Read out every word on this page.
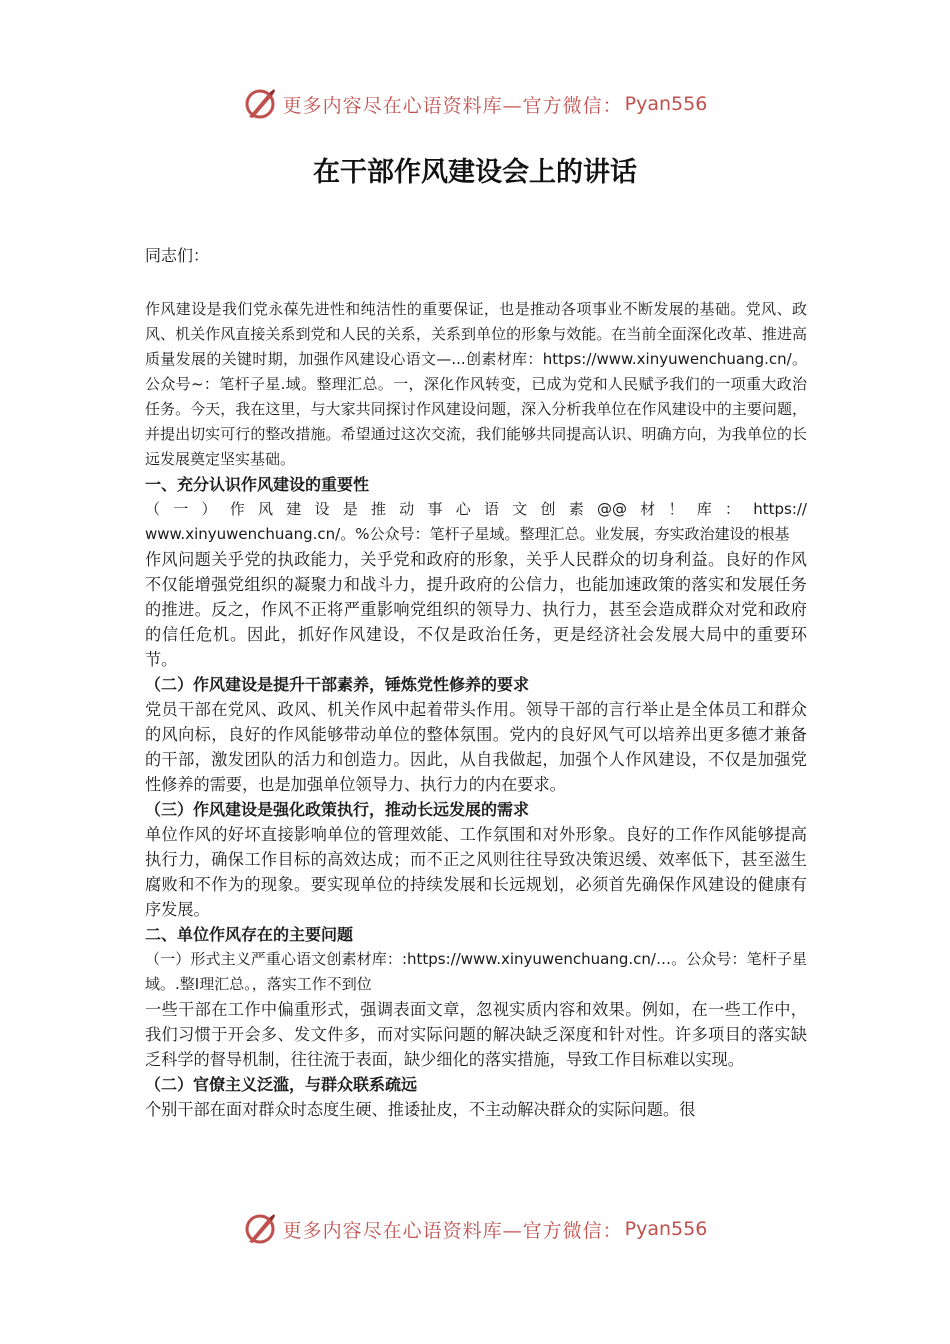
更多内容尽在心语资料库—官方微信： Pyan556
在干部作风建设会上的讲话

同志们：

作风建设是我们党永葆先进性和纯洁性的重要保证，也是推动各项事业不断发展的基础。党风、政风、机关作风直接关系到党和人民的关系，关系到单位的形象与效能。在当前全面深化改革、推进高质量发展的关键时期，加强作风建设心语文—...创素材库：https://www.xinyuwenchuang.cn/。公众号~：笔杆子星.域。整理汇总。一，深化作风转变，已成为党和人民赋予我们的一项重大政治任务。今天，我在这里，与大家共同探讨作风建设问题，深入分析我单位在作风建设中的主要问题，并提出切实可行的整改措施。希望通过这次交流，我们能够共同提高认识、明确方向，为我单位的长远发展奠定坚实基础。

一、充分认识作风建设的重要性

（一）作风建设是推动事心语文创素@@材！库：https://

www.xinyuwenchuang.cn/。%公众号：笔杆子星域。整理汇总。业发展，夯实政治建设的根基

作风问题关乎党的执政能力，关乎党和政府的形象，关乎人民群众的切身利益。良好的作风不仅能增强党组织的凝聚力和战斗力，提升政府的公信力，也能加速政策的落实和发展任务的推进。反之，作风不正将严重影响党组织的领导力、执行力，甚至会造成群众对党和政府的信任危机。因此，抓好作风建设，不仅是政治任务，更是经济社会发展大局中的重要环节。

（二）作风建设是提升干部素养，锤炼党性修养的要求

党员干部在党风、政风、机关作风中起着带头作用。领导干部的言行举止是全体员工和群众的风向标，良好的作风能够带动单位的整体氛围。党内的良好风气可以培养出更多德才兼备的干部，激发团队的活力和创造力。因此，从自我做起，加强个人作风建设，不仅是加强党性修养的需要，也是加强单位领导力、执行力的内在要求。

（三）作风建设是强化政策执行，推动长远发展的需求

单位作风的好坏直接影响单位的管理效能、工作氛围和对外形象。良好的工作作风能够提高执行力，确保工作目标的高效达成；而不正之风则往往导致决策迟缓、效率低下，甚至滋生腐败和不作为的现象。要实现单位的持续发展和长远规划，必须首先确保作风建设的健康有序发展。

二、单位作风存在的主要问题

（一）形式主义严重心语文创素材库：:https://www.xinyuwenchuang.cn/…。公众号：笔杆子星域。.整I理汇总。，落实工作不到位

一些干部在工作中偏重形式，强调表面文章，忽视实质内容和效果。例如，在一些工作中，我们习惯于开会多、发文件多，而对实际问题的解决缺乏深度和针对性。许多项目的落实缺乏科学的督导机制，往往流于表面，缺少细化的落实措施，导致工作目标难以实现。

（二）官僚主义泛滥，与群众联系疏远

个别干部在面对群众时态度生硬、推诿扯皮，不主动解决群众的实际问题。很

更多内容尽在心语资料库—官方微信： Pyan556
